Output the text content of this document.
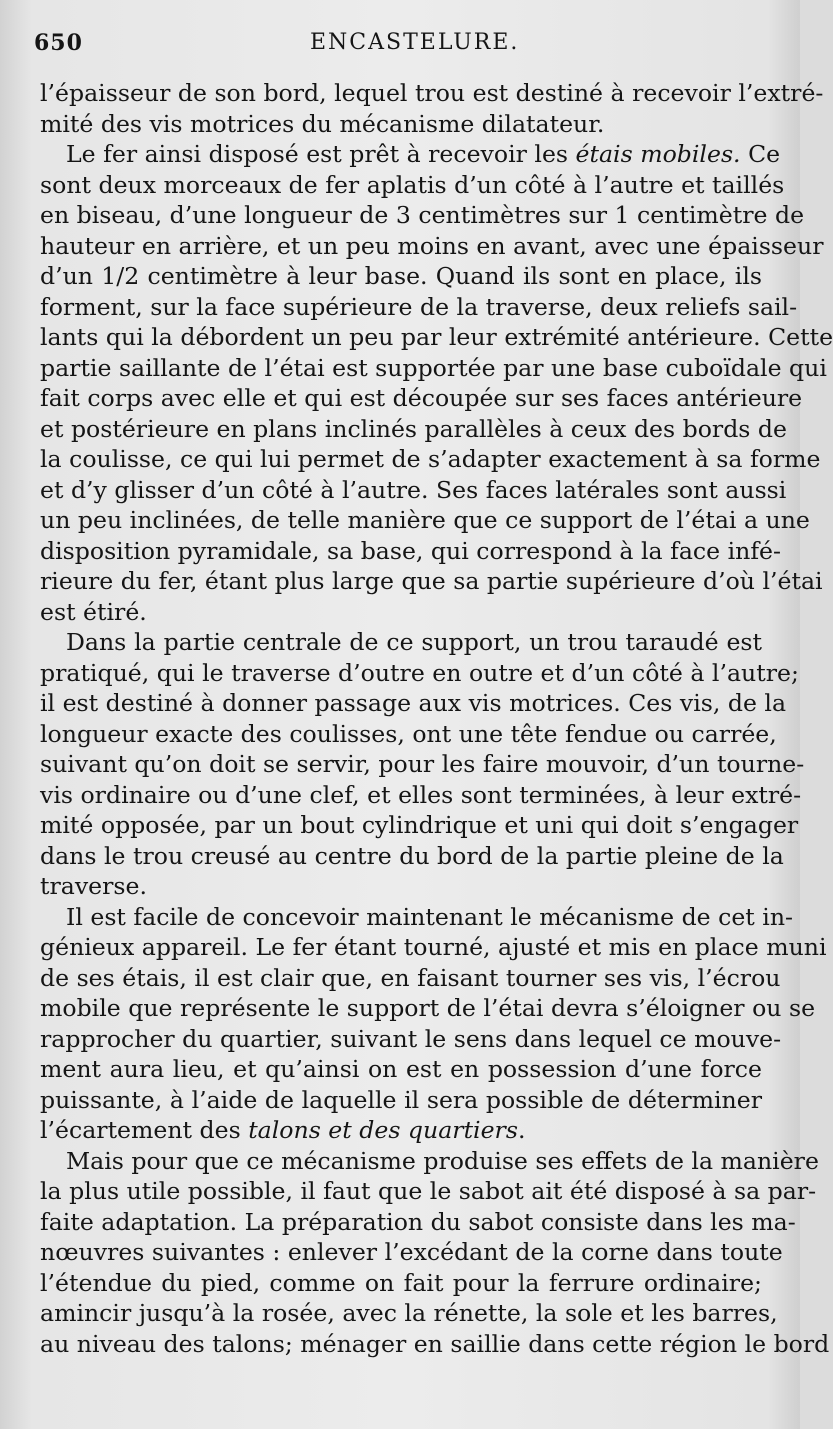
650	ENCASTELURE.
l’épaisseur de son bord, lequel trou est destiné à recevoir l’extré-
mité des vis motrices du mécanisme dilatateur.
Le fer ainsi disposé est prêt à recevoir les étais mobiles. Ce
sont deux morceaux de fer aplatis d’un côté à l’autre et taillés
en biseau, d’une longueur de 3 centimètres sur 1 centimètre de
hauteur en arrière, et un peu moins en avant, avec une épaisseur
d’un 1/2 centimètre à leur base. Quand ils sont en place, ils
forment, sur la face supérieure de la traverse, deux reliefs sail-
lants qui la débordent un peu par leur extrémité antérieure. Cette
partie saillante de l’étai est supportée par une base cuboïdale qui
fait corps avec elle et qui est découpée sur ses faces antérieure
et postérieure en plans inclinés parallèles à ceux des bords de
la coulisse, ce qui lui permet de s’adapter exactement à sa forme
et d’y glisser d’un côté à l’autre. Ses faces latérales sont aussi
un peu inclinées, de telle manière que ce support de l’étai a une
disposition pyramidale, sa base, qui correspond à la face infé-
rieure du fer, étant plus large que sa partie supérieure d’où l’étai
est étiré.
Dans la partie centrale de ce support, un trou taraudé est
pratiqué, qui le traverse d’outre en outre et d’un côté à l’autre;
il est destiné à donner passage aux vis motrices. Ces vis, de la
longueur exacte des coulisses, ont une tête fendue ou carrée,
suivant qu’on doit se servir, pour les faire mouvoir, d’un tourne-
vis ordinaire ou d’une clef, et elles sont terminées, à leur extré-
mité opposée, par un bout cylindrique et uni qui doit s’engager
dans le trou creusé au centre du bord de la partie pleine de la
traverse.
Il est facile de concevoir maintenant le mécanisme de cet in-
génieux appareil. Le fer étant tourné, ajusté et mis en place muni
de ses étais, il est clair que, en faisant tourner ses vis, l’écrou
mobile que représente le support de l’étai devra s’éloigner ou se
rapprocher du quartier, suivant le sens dans lequel ce mouve-
ment aura lieu, et qu’ainsi on est en possession d’une force
puissante, à l’aide de laquelle il sera possible de déterminer
l’écartement des talons et des quartiers.
Mais pour que ce mécanisme produise ses effets de la manière
la plus utile possible, il faut que le sabot ait été disposé à sa par-
faite adaptation. La préparation du sabot consiste dans les ma-
nœuvres suivantes : enlever l’excédant de la corne dans toute
l’étendue du pied, comme on fait pour la ferrure ordinaire;
amincir jusqu’à la rosée, avec la rénette, la sole et les barres,
au niveau des talons; ménager en saillie dans cette région le bord
